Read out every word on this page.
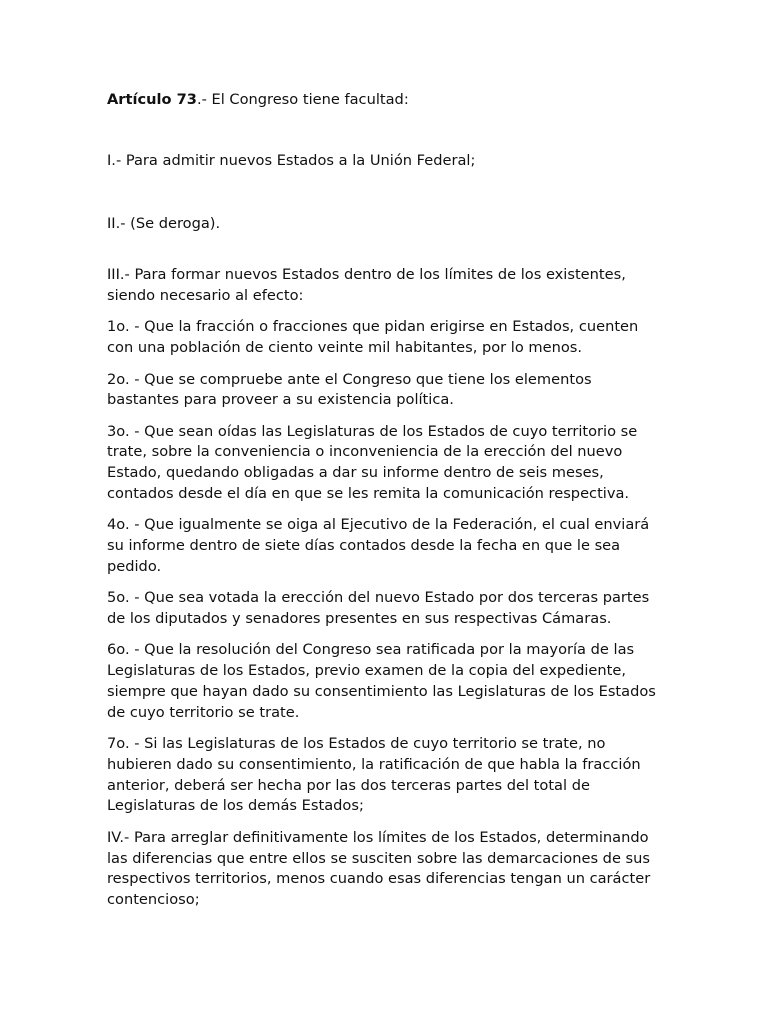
Artículo 73.- El Congreso tiene facultad:

I.- Para admitir nuevos Estados a la Unión Federal;

II.- (Se deroga).

III.- Para formar nuevos Estados dentro de los límites de los existentes, siendo necesario al efecto:

1o. - Que la fracción o fracciones que pidan erigirse en Estados, cuenten con una población de ciento veinte mil habitantes, por lo menos.

2o. - Que se compruebe ante el Congreso que tiene los elementos bastantes para proveer a su existencia política.

3o. - Que sean oídas las Legislaturas de los Estados de cuyo territorio se trate, sobre la conveniencia o inconveniencia de la erección del nuevo Estado, quedando obligadas a dar su informe dentro de seis meses, contados desde el día en que se les remita la comunicación respectiva.

4o. - Que igualmente se oiga al Ejecutivo de la Federación, el cual enviará su informe dentro de siete días contados desde la fecha en que le sea pedido.

5o. - Que sea votada la erección del nuevo Estado por dos terceras partes de los diputados y senadores presentes en sus respectivas Cámaras.

6o. - Que la resolución del Congreso sea ratificada por la mayoría de las Legislaturas de los Estados, previo examen de la copia del expediente, siempre que hayan dado su consentimiento las Legislaturas de los Estados de cuyo territorio se trate.

7o. - Si las Legislaturas de los Estados de cuyo territorio se trate, no hubieren dado su consentimiento, la ratificación de que habla la fracción anterior, deberá ser hecha por las dos terceras partes del total de Legislaturas de los demás Estados;

IV.- Para arreglar definitivamente los límites de los Estados, determinando las diferencias que entre ellos se susciten sobre las demarcaciones de sus respectivos territorios, menos cuando esas diferencias tengan un carácter contencioso;
